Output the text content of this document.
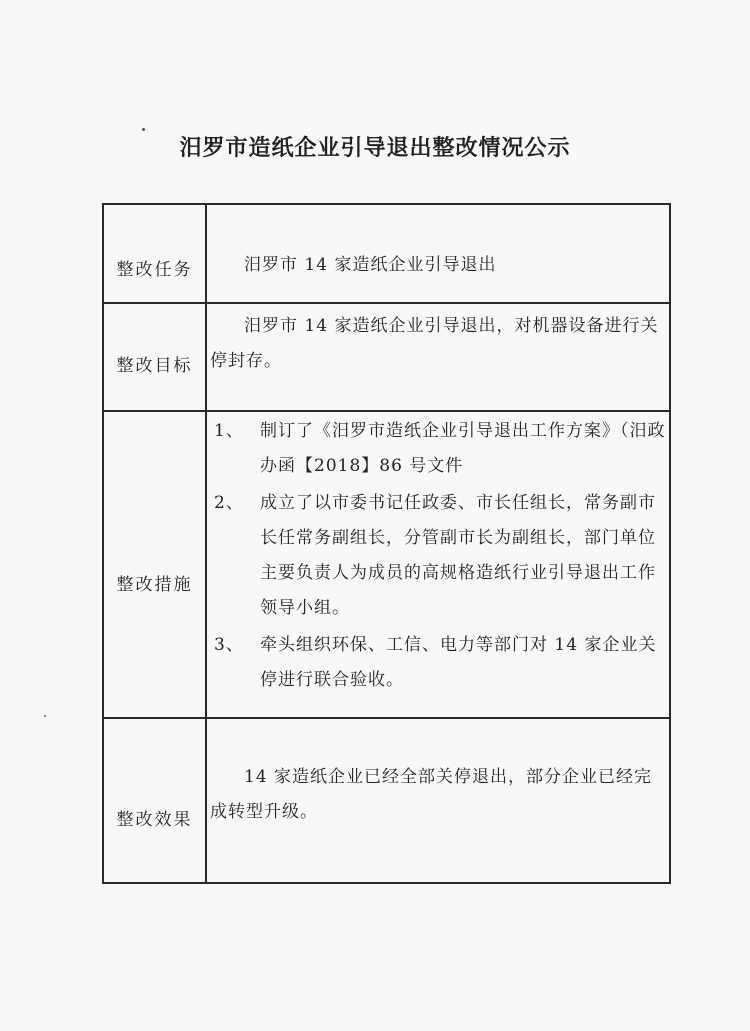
汨罗市造纸企业引导退出整改情况公示
整改任务	汨罗市 14 家造纸企业引导退出

整改目标

汨罗市 14 家造纸企业引导退出，对机器设备进行关停封存。

整改措施

1、 制订了《汨罗市造纸企业引导退出工作方案》（汨政办函【2018】86 号文件

2、 成立了以市委书记任政委、市长任组长，常务副市长任常务副组长，分管副市长为副组长，部门单位主要负责人为成员的高规格造纸行业引导退出工作领导小组。

3、 牵头组织环保、工信、电力等部门对 14 家企业关停进行联合验收。

整改效果

14 家造纸企业已经全部关停退出，部分企业已经完成转型升级。
